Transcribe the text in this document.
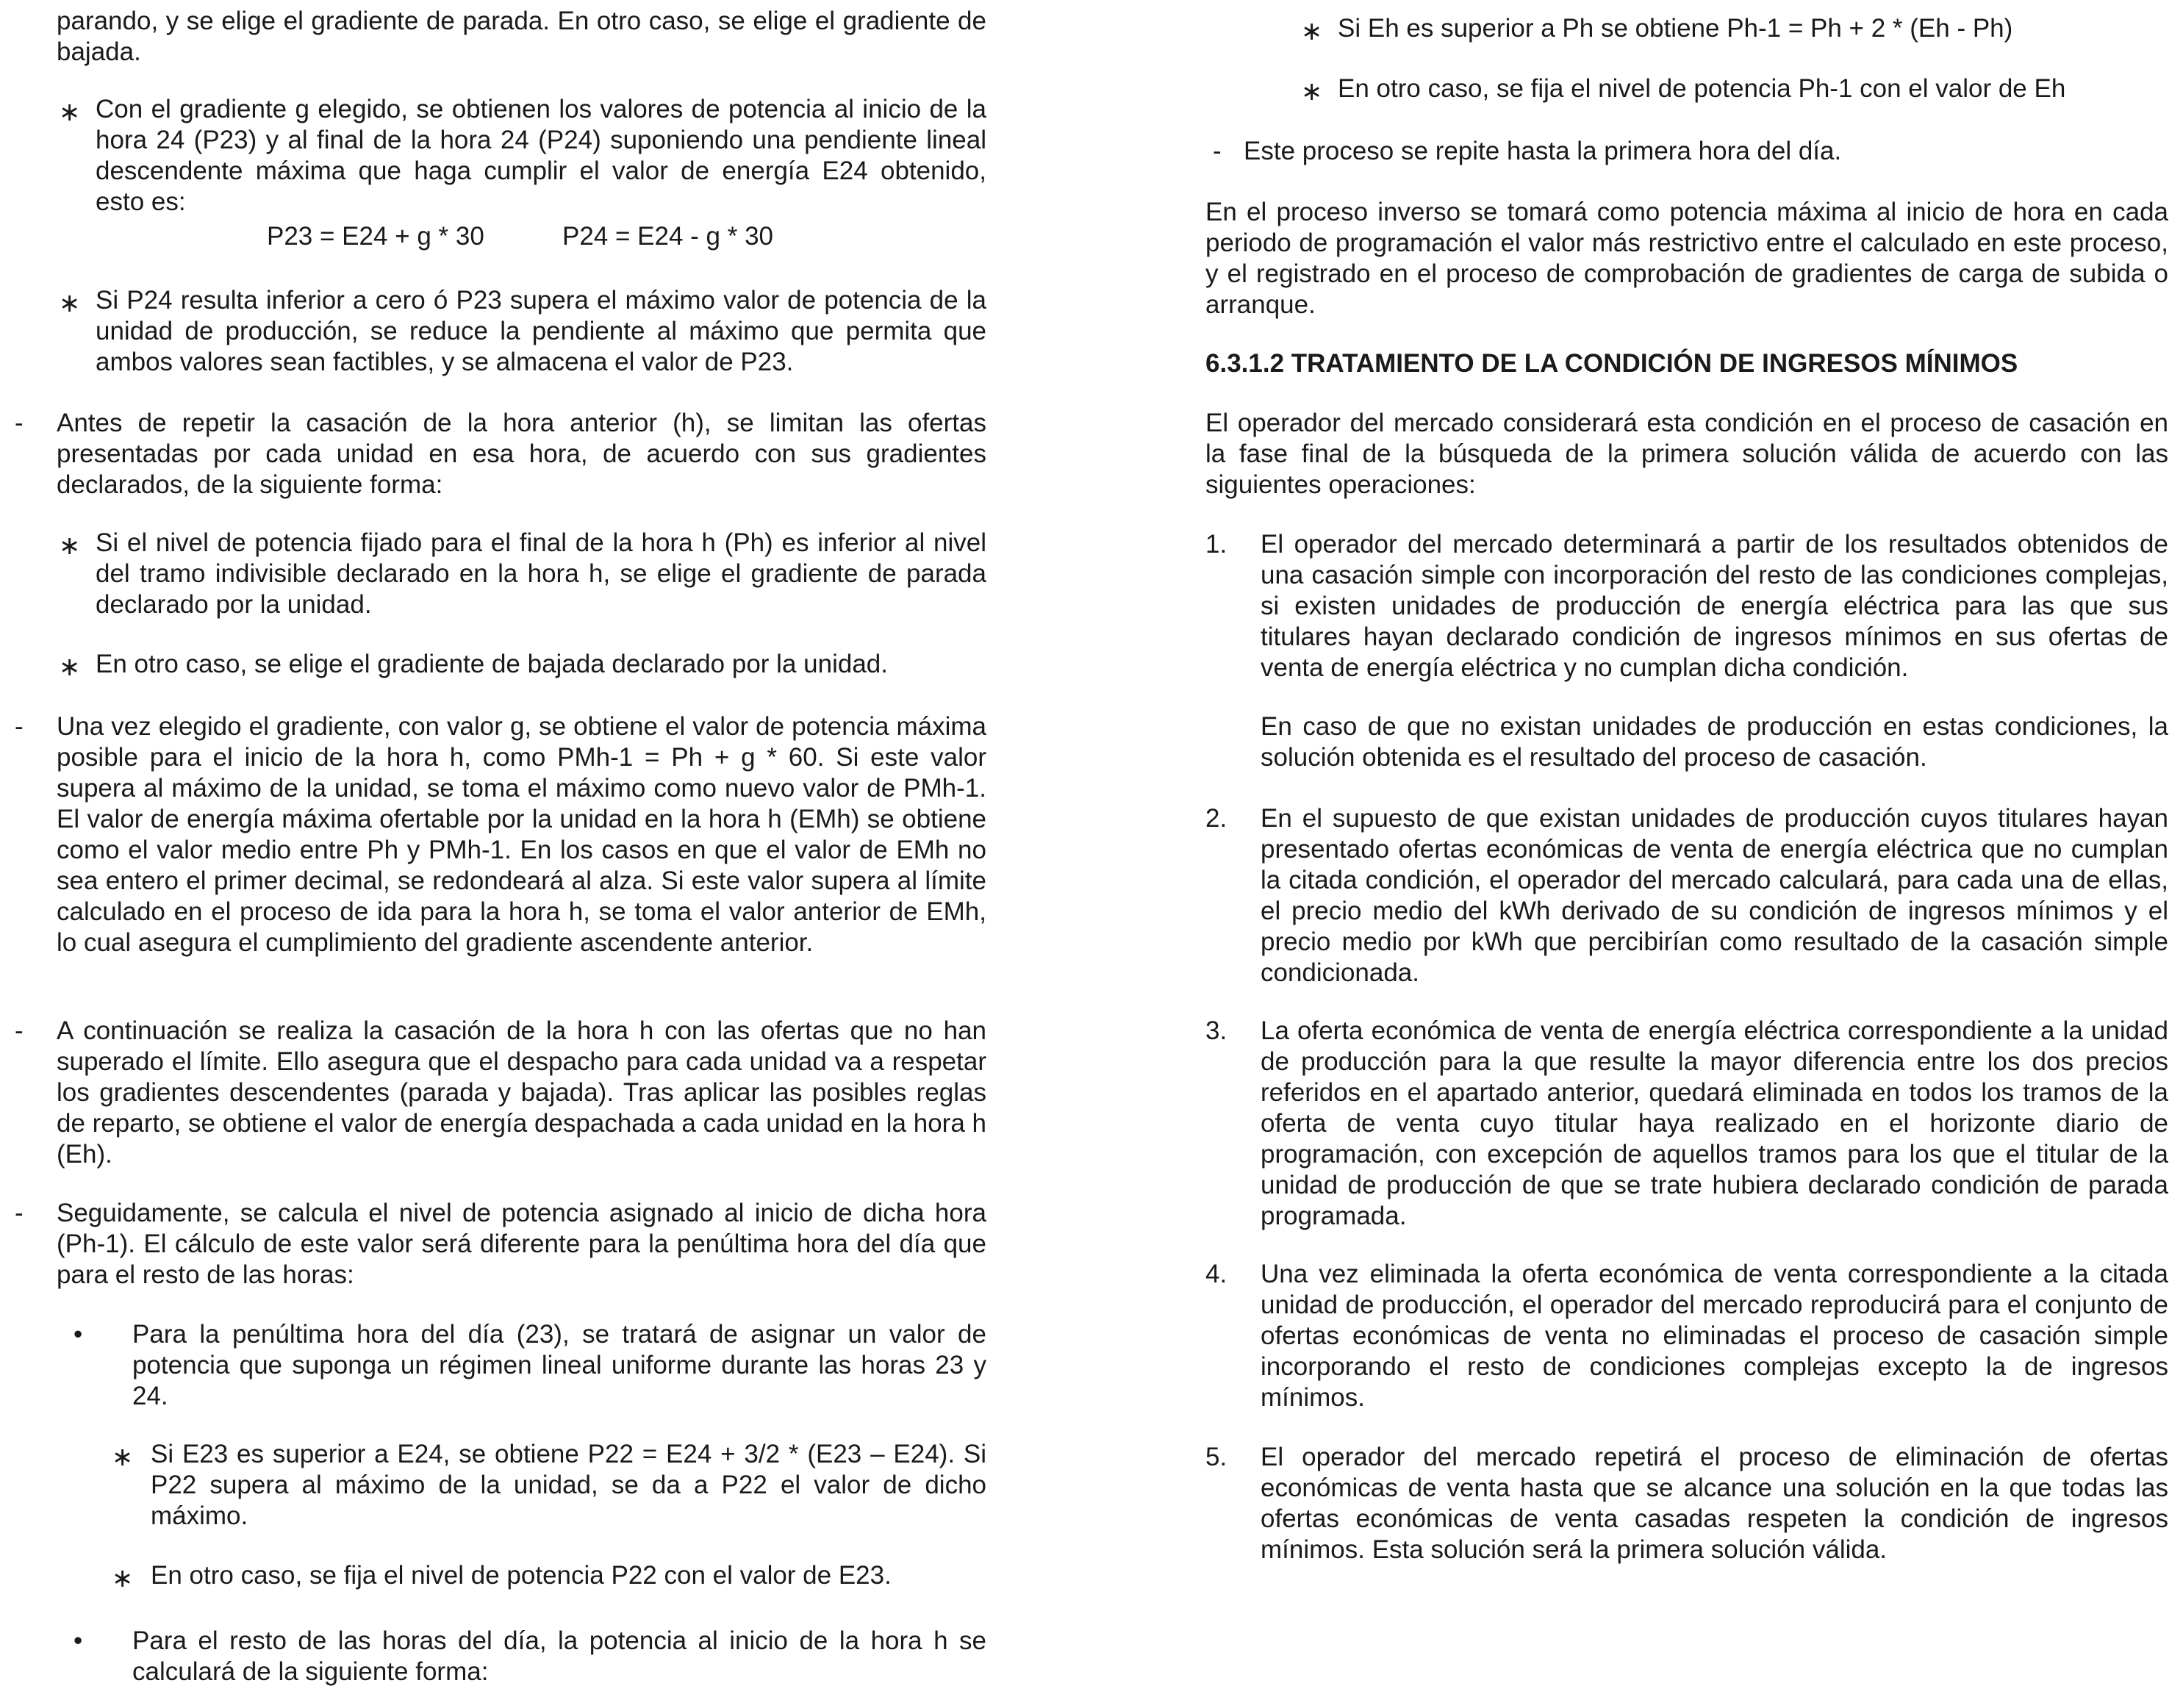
parando, y se elige el gradiente de parada. En otro caso, se elige el gradiente de bajada.

∗ Con el gradiente g elegido, se obtienen los valores de potencia al inicio de la hora 24 (P23) y al final de la hora 24 (P24) suponiendo una pendiente lineal descendente máxima que haga cumplir el valor de energía E24 obtenido, esto es:

P23 = E24 + g * 30	P24 = E24 - g * 30
∗ Si P24 resulta inferior a cero ó P23 supera el máximo valor de potencia de la unidad de producción, se reduce la pendiente al máximo que permita que ambos valores sean factibles, y se almacena el valor de P23.

- Antes de repetir la casación de la hora anterior (h), se limitan las ofertas presentadas por cada unidad en esa hora, de acuerdo con sus gradientes declarados, de la siguiente forma:

∗ Si el nivel de potencia fijado para el final de la hora h (Ph) es inferior al nivel del tramo indivisible declarado en la hora h, se elige el gradiente de parada declarado por la unidad.

∗ En otro caso, se elige el gradiente de bajada declarado por la unidad.

- Una vez elegido el gradiente, con valor g, se obtiene el valor de potencia máxima posible para el inicio de la hora h, como PMh-1 = Ph + g * 60. Si este valor supera al máximo de la unidad, se toma el máximo como nuevo valor de PMh-1. El valor de energía máxima ofertable por la unidad en la hora h (EMh) se obtiene como el valor medio entre Ph y PMh-1. En los casos en que el valor de EMh no sea entero el primer decimal, se redondeará al alza. Si este valor supera al límite calculado en el proceso de ida para la hora h, se toma el valor anterior de EMh, lo cual asegura el cumplimiento del gradiente ascendente anterior.

- A continuación se realiza la casación de la hora h con las ofertas que no han superado el límite. Ello asegura que el despacho para cada unidad va a respetar los gradientes descendentes (parada y bajada). Tras aplicar las posibles reglas de reparto, se obtiene el valor de energía despachada a cada unidad en la hora h (Eh).

- Seguidamente, se calcula el nivel de potencia asignado al inicio de dicha hora (Ph-1). El cálculo de este valor será diferente para la penúltima hora del día que para el resto de las horas:

• Para la penúltima hora del día (23), se tratará de asignar un valor de potencia que suponga un régimen lineal uniforme durante las horas 23 y 24.

∗ Si E23 es superior a E24, se obtiene P22 = E24 + 3/2 * (E23 – E24). Si P22 supera al máximo de la unidad, se da a P22 el valor de dicho máximo.

∗ En otro caso, se fija el nivel de potencia P22 con el valor de E23.

• Para el resto de las horas del día, la potencia al inicio de la hora h se calculará de la siguiente forma:

∗ Si Eh es superior a Ph se obtiene Ph-1 = Ph + 2 * (Eh - Ph)

∗ En otro caso, se fija el nivel de potencia Ph-1 con el valor de Eh

- Este proceso se repite hasta la primera hora del día.

En el proceso inverso se tomará como potencia máxima al inicio de hora en cada periodo de programación el valor más restrictivo entre el calculado en este proceso, y el registrado en el proceso de comprobación de gradientes de carga de subida o arranque.

6.3.1.2 TRATAMIENTO DE LA CONDICIÓN DE INGRESOS MÍNIMOS

El operador del mercado considerará esta condición en el proceso de casación en la fase final de la búsqueda de la primera solución válida de acuerdo con las siguientes operaciones:

1. El operador del mercado determinará a partir de los resultados obtenidos de una casación simple con incorporación del resto de las condiciones complejas, si existen unidades de producción de energía eléctrica para las que sus titulares hayan declarado condición de ingresos mínimos en sus ofertas de venta de energía eléctrica y no cumplan dicha condición.

En caso de que no existan unidades de producción en estas condiciones, la solución obtenida es el resultado del proceso de casación.

2. En el supuesto de que existan unidades de producción cuyos titulares hayan presentado ofertas económicas de venta de energía eléctrica que no cumplan la citada condición, el operador del mercado calculará, para cada una de ellas, el precio medio del kWh derivado de su condición de ingresos mínimos y el precio medio por kWh que percibirían como resultado de la casación simple condicionada.

3. La oferta económica de venta de energía eléctrica correspondiente a la unidad de producción para la que resulte la mayor diferencia entre los dos precios referidos en el apartado anterior, quedará eliminada en todos los tramos de la oferta de venta cuyo titular haya realizado en el horizonte diario de programación, con excepción de aquellos tramos para los que el titular de la unidad de producción de que se trate hubiera declarado condición de parada programada.

4. Una vez eliminada la oferta económica de venta correspondiente a la citada unidad de producción, el operador del mercado reproducirá para el conjunto de ofertas económicas de venta no eliminadas el proceso de casación simple incorporando el resto de condiciones complejas excepto la de ingresos mínimos.

5. El operador del mercado repetirá el proceso de eliminación de ofertas económicas de venta hasta que se alcance una solución en la que todas las ofertas económicas de venta casadas respeten la condición de ingresos mínimos. Esta solución será la primera solución válida.
